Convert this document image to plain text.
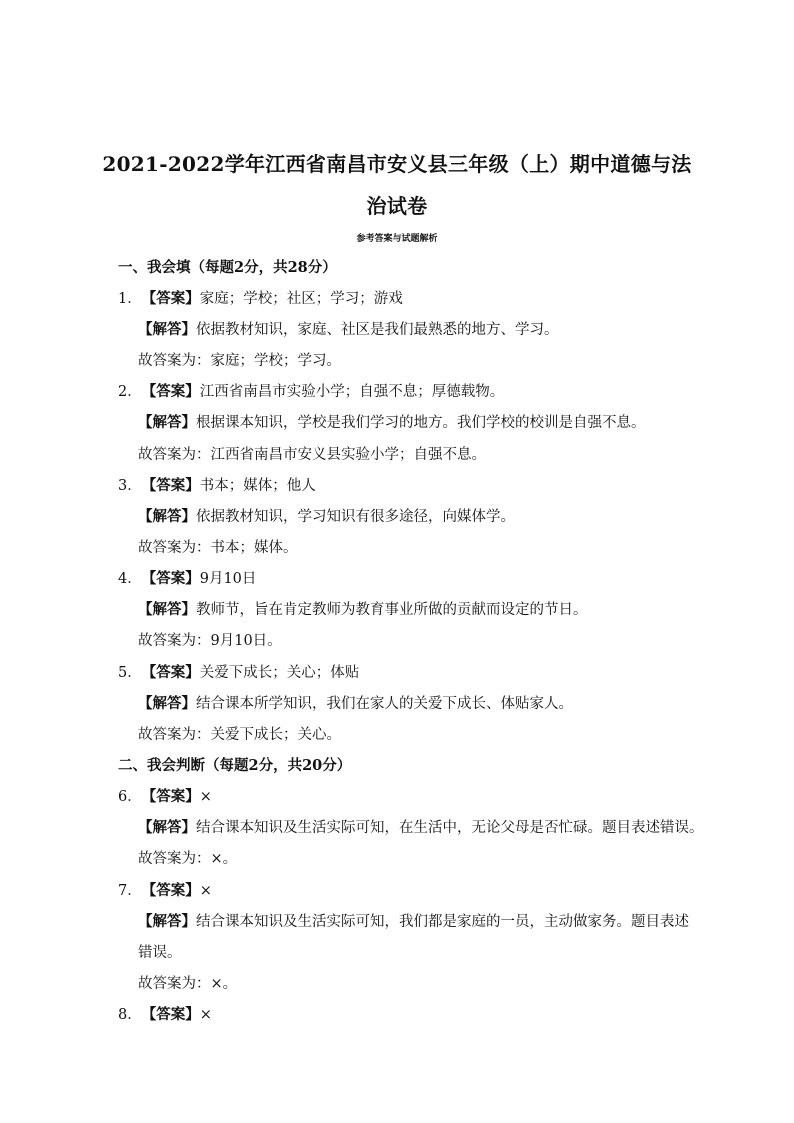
2021-2022学年江西省南昌市安义县三年级（上）期中道德与法
治试卷
参考答案与试题解析
一、我会填（每题2分，共28分）
1．【答案】家庭；学校；社区；学习；游戏
【解答】依据教材知识，家庭、社区是我们最熟悉的地方、学习。
故答案为：家庭；学校；学习。
2．【答案】江西省南昌市实验小学；自强不息；厚德载物。
【解答】根据课本知识，学校是我们学习的地方。我们学校的校训是自强不息。
故答案为：江西省南昌市安义县实验小学；自强不息。
3．【答案】书本；媒体；他人
【解答】依据教材知识，学习知识有很多途径，向媒体学。
故答案为：书本；媒体。
4．【答案】9月10日
【解答】教师节，旨在肯定教师为教育事业所做的贡献而设定的节日。
故答案为：9月10日。
5．【答案】关爱下成长；关心；体贴
【解答】结合课本所学知识，我们在家人的关爱下成长、体贴家人。
故答案为：关爱下成长；关心。
二、我会判断（每题2分，共20分）
6．【答案】×
【解答】结合课本知识及生活实际可知，在生活中，无论父母是否忙碌。题目表述错误。
故答案为：×。
7．【答案】×
【解答】结合课本知识及生活实际可知，我们都是家庭的一员，主动做家务。题目表述
错误。
故答案为：×。
8．【答案】×
